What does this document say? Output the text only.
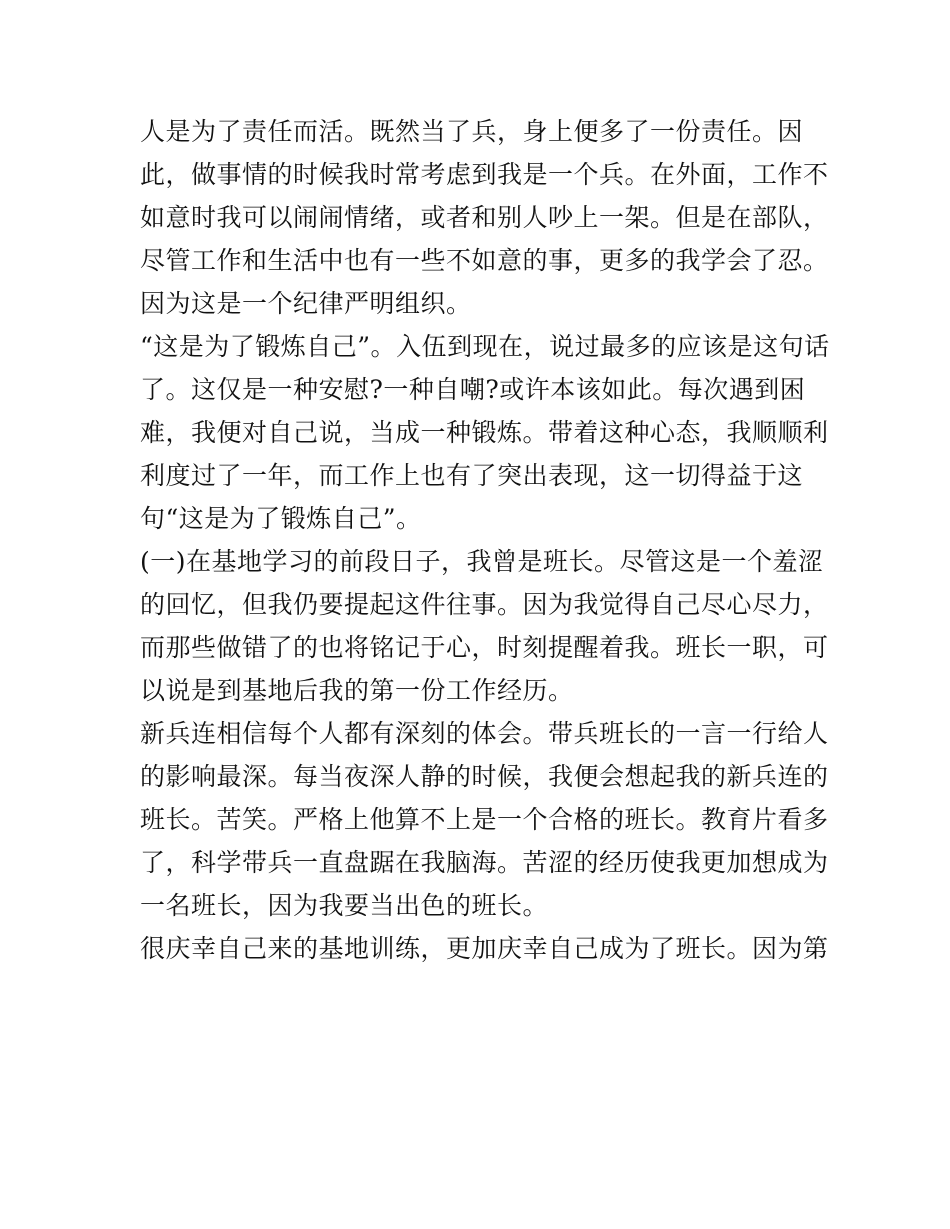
人是为了责任而活。既然当了兵，身上便多了一份责任。因
此，做事情的时候我时常考虑到我是一个兵。在外面，工作不
如意时我可以闹闹情绪，或者和别人吵上一架。但是在部队，
尽管工作和生活中也有一些不如意的事，更多的我学会了忍。
因为这是一个纪律严明组织。
“这是为了锻炼自己”。入伍到现在，说过最多的应该是这句话
了。这仅是一种安慰?一种自嘲?或许本该如此。每次遇到困
难，我便对自己说，当成一种锻炼。带着这种心态，我顺顺利
利度过了一年，而工作上也有了突出表现，这一切得益于这
句“这是为了锻炼自己”。
(一)在基地学习的前段日子，我曾是班长。尽管这是一个羞涩
的回忆，但我仍要提起这件往事。因为我觉得自己尽心尽力，
而那些做错了的也将铭记于心，时刻提醒着我。班长一职，可
以说是到基地后我的第一份工作经历。
新兵连相信每个人都有深刻的体会。带兵班长的一言一行给人
的影响最深。每当夜深人静的时候，我便会想起我的新兵连的
班长。苦笑。严格上他算不上是一个合格的班长。教育片看多
了，科学带兵一直盘踞在我脑海。苦涩的经历使我更加想成为
一名班长，因为我要当出色的班长。
很庆幸自己来的基地训练，更加庆幸自己成为了班长。因为第
